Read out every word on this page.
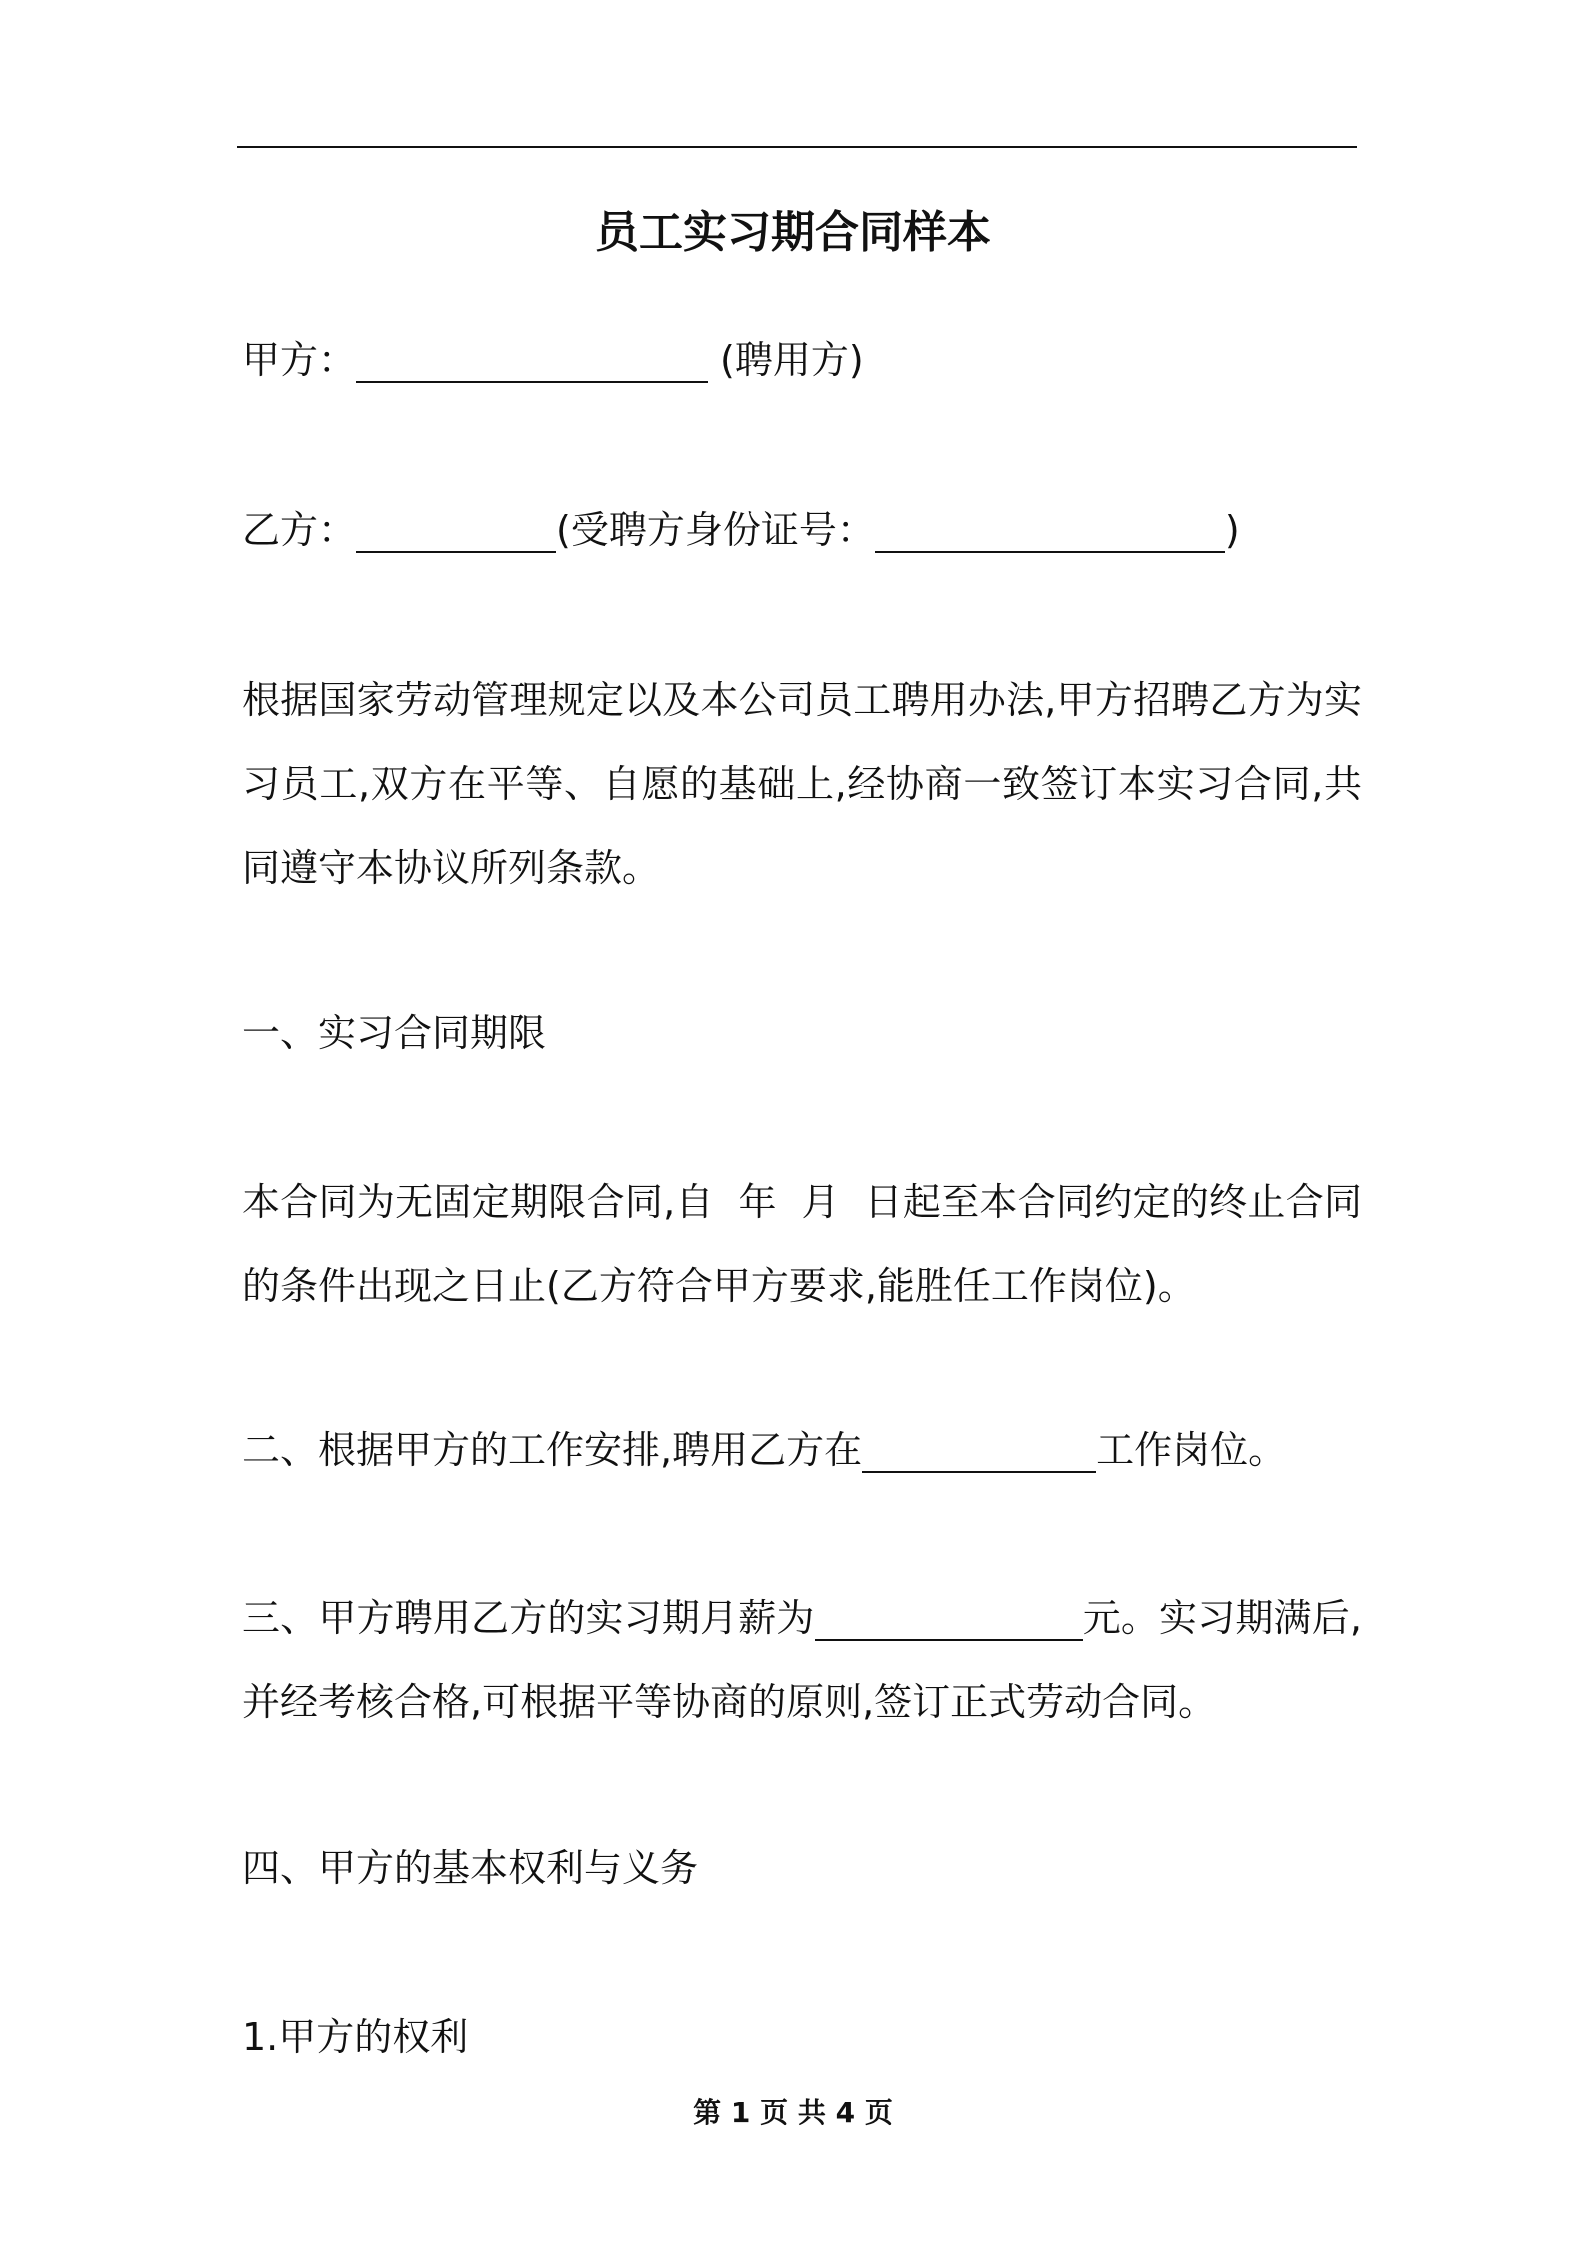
员工实习期合同样本
甲方：	(聘用方)
乙方：	(受聘方身份证号：	)

根据国家劳动管理规定以及本公司员工聘用办法,甲方招聘乙方为实习员工,双方在平等、自愿的基础上,经协商一致签订本实习合同,共同遵守本协议所列条款。

一、实习合同期限

本合同为无固定期限合同,自  年  月  日起至本合同约定的终止合同的条件出现之日止(乙方符合甲方要求,能胜任工作岗位)。

二、根据甲方的工作安排,聘用乙方在	工作岗位。

三、甲方聘用乙方的实习期月薪为	元。实习期满后,并经考核合格,可根据平等协商的原则,签订正式劳动合同。

四、甲方的基本权利与义务
1.甲方的权利
第 1 页 共 4 页
